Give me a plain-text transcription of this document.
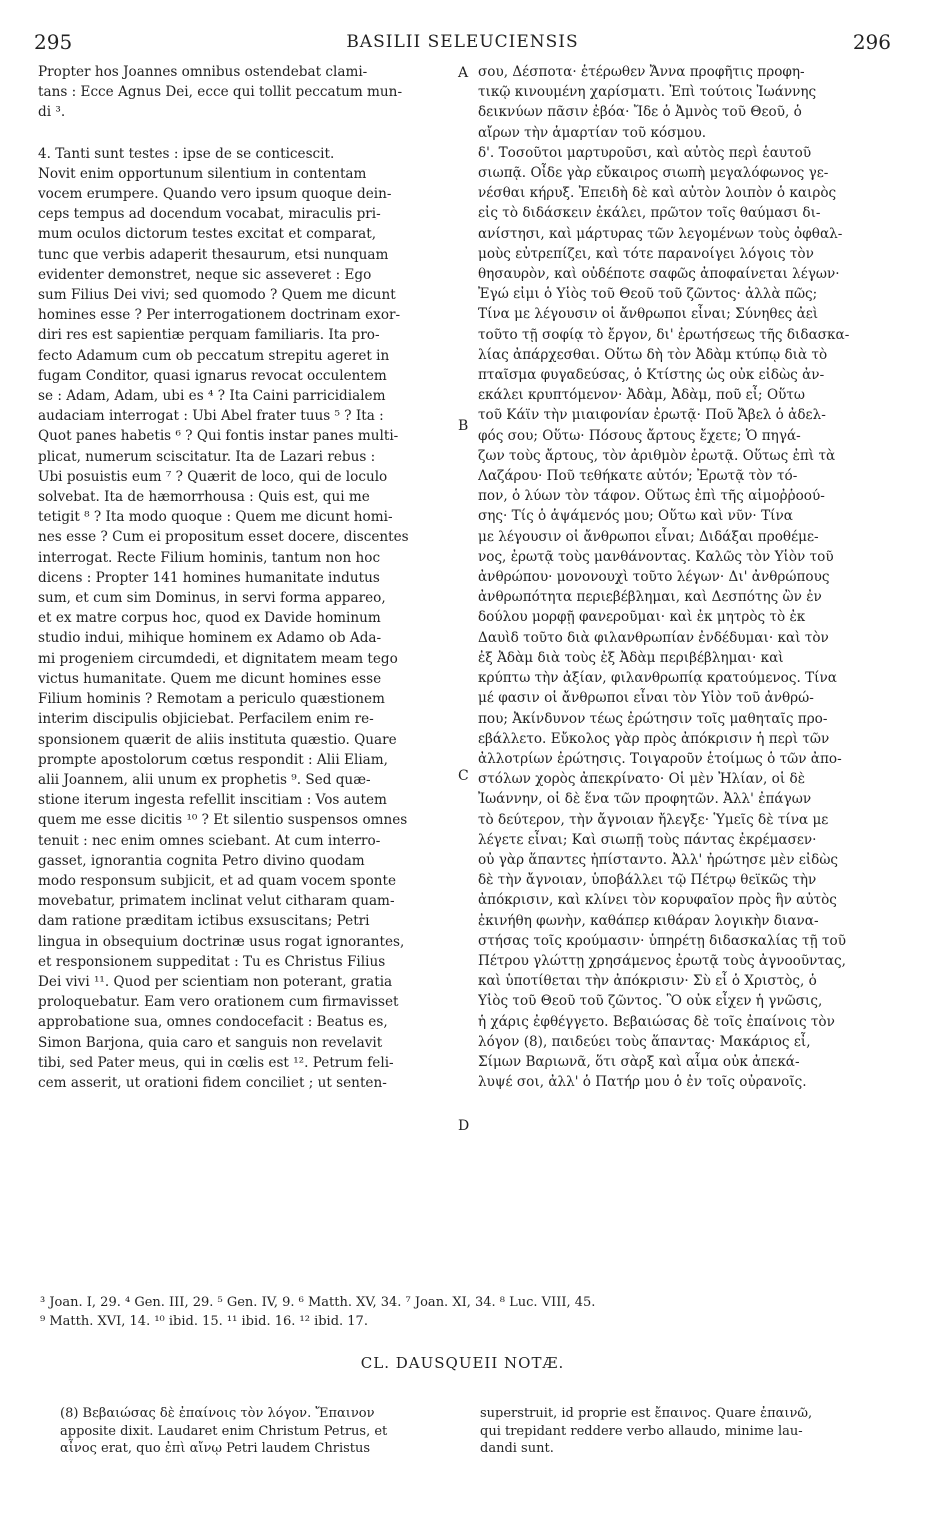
295	BASILII SELEUCIENSIS	296
Propter hos Joannes omnibus ostendebat clami-
tans : Ecce Agnus Dei, ecce qui tollit peccatum mun-
di ³.
4. Tanti sunt testes : ipse de se conticescit.
Novit enim opportunum silentium in contentam
vocem erumpere. Quando vero ipsum quoque dein-
ceps tempus ad docendum vocabat, miraculis pri-
mum oculos dictorum testes excitat et comparat,
tunc que verbis adaperit thesaurum, etsi nunquam
evidenter demonstret, neque sic asseveret : Ego
sum Filius Dei vivi; sed quomodo ? Quem me dicunt
homines esse ? Per interrogationem doctrinam exor-
diri res est sapientiæ perquam familiaris. Ita pro-
fecto Adamum cum ob peccatum strepitu ageret in
fugam Conditor, quasi ignarus revocat occulentem
se : Adam, Adam, ubi es ⁴ ? Ita Caini parricidialem
audaciam interrogat : Ubi Abel frater tuus ⁵ ? Ita :
Quot panes habetis ⁶ ? Qui fontis instar panes multi-
plicat, numerum sciscitatur. Ita de Lazari rebus :
Ubi posuistis eum ⁷ ? Quærit de loco, qui de loculo
solvebat. Ita de hæmorrhousa : Quis est, qui me
tetigit ⁸ ? Ita modo quoque : Quem me dicunt homi-
nes esse ? Cum ei propositum esset docere, discentes
interrogat. Recte Filium hominis, tantum non hoc
dicens : Propter 141 homines humanitate indutus
sum, et cum sim Dominus, in servi forma appareo,
et ex matre corpus hoc, quod ex Davide hominum
studio indui, mihique hominem ex Adamo ob Ada-
mi progeniem circumdedi, et dignitatem meam tego
victus humanitate. Quem me dicunt homines esse
Filium hominis ? Remotam a periculo quæstionem
interim discipulis objiciebat. Perfacilem enim re-
sponsionem quærit de aliis instituta quæstio. Quare
prompte apostolorum cœtus respondit : Alii Eliam,
alii Joannem, alii unum ex prophetis ⁹. Sed quæ-
stione iterum ingesta refellit inscitiam : Vos autem
quem me esse dicitis ¹⁰ ? Et silentio suspensos omnes
tenuit : nec enim omnes sciebant. At cum interro-
gasset, ignorantia cognita Petro divino quodam
modo responsum subjicit, et ad quam vocem sponte
movebatur, primatem inclinat velut citharam quam-
dam ratione præditam ictibus exsuscitans; Petri
lingua in obsequium doctrinæ usus rogat ignorantes,
et responsionem suppeditat : Tu es Christus Filius
Dei vivi ¹¹. Quod per scientiam non poterant, gratia
proloquebatur. Eam vero orationem cum firmavisset
approbatione sua, omnes condocefacit : Beatus es,
Simon Barjona, quia caro et sanguis non revelavit
tibi, sed Pater meus, qui in cœlis est ¹². Petrum feli-
cem asserit, ut orationi fidem conciliet ; ut senten-
σου, Δέσποτα· ἑτέρωθεν Ἄννα προφῆτις προφη-
τικῷ κινουμένη χαρίσματι. Ἐπὶ τούτοις Ἰωάννης
δεικνύων πᾶσιν ἐβόα· Ἴδε ὁ Ἀμνὸς τοῦ Θεοῦ, ὁ
αἴρων τὴν ἁμαρτίαν τοῦ κόσμου.
δ'. Τοσοῦτοι μαρτυροῦσι, καὶ αὐτὸς περὶ ἑαυτοῦ
σιωπᾷ. Οἶδε γὰρ εὔκαιρος σιωπὴ μεγαλόφωνος γε-
νέσθαι κήρυξ. Ἐπειδὴ δὲ καὶ αὐτὸν λοιπὸν ὁ καιρὸς
εἰς τὸ διδάσκειν ἐκάλει, πρῶτον τοῖς θαύμασι δι-
ανίστησι, καὶ μάρτυρας τῶν λεγομένων τοὺς ὀφθαλ-
μοὺς εὐτρεπίζει, καὶ τότε παρανοίγει λόγοις τὸν
θησαυρὸν, καὶ οὐδέποτε σαφῶς ἀποφαίνεται λέγων·
Ἐγώ εἰμι ὁ Υἱὸς τοῦ Θεοῦ τοῦ ζῶντος· ἀλλὰ πῶς;
Τίνα με λέγουσιν οἱ ἄνθρωποι εἶναι; Σύνηθες ἀεὶ
τοῦτο τῇ σοφίᾳ τὸ ἔργον, δι' ἐρωτήσεως τῆς διδασκα-
λίας ἀπάρχεσθαι. Οὕτω δὴ τὸν Ἀδὰμ κτύπῳ διὰ τὸ
πταῖσμα φυγαδεύσας, ὁ Κτίστης ὡς οὐκ εἰδὼς ἀν-
εκάλει κρυπτόμενον· Ἀδὰμ, Ἀδὰμ, ποῦ εἶ; Οὕτω
τοῦ Κάϊν τὴν μιαιφονίαν ἐρωτᾷ· Ποῦ Ἄβελ ὁ ἀδελ-
φός σου; Οὕτω· Πόσους ἄρτους ἔχετε; Ὁ πηγά-
ζων τοὺς ἄρτους, τὸν ἀριθμὸν ἐρωτᾷ. Οὕτως ἐπὶ τὰ
Λαζάρου· Ποῦ τεθήκατε αὐτόν; Ἐρωτᾷ τὸν τό-
πον, ὁ λύων τὸν τάφον. Οὕτως ἐπὶ τῆς αἱμοῤῥοού-
σης· Τίς ὁ ἁψάμενός μου; Οὕτω καὶ νῦν· Τίνα
με λέγουσιν οἱ ἄνθρωποι εἶναι; Διδάξαι προθέμε-
νος, ἐρωτᾷ τοὺς μανθάνοντας. Καλῶς τὸν Υἱὸν τοῦ
ἀνθρώπου· μονονουχὶ τοῦτο λέγων· Δι' ἀνθρώπους
ἀνθρωπότητα περιεβέβλημαι, καὶ Δεσπότης ὢν ἐν
δούλου μορφῇ φανεροῦμαι· καὶ ἐκ μητρὸς τὸ ἐκ
Δαυὶδ τοῦτο διὰ φιλανθρωπίαν ἐνδέδυμαι· καὶ τὸν
ἐξ Ἀδὰμ διὰ τοὺς ἐξ Ἀδὰμ περιβέβλημαι· καὶ
κρύπτω τὴν ἀξίαν, φιλανθρωπίᾳ κρατούμενος. Τίνα
μέ φασιν οἱ ἄνθρωποι εἶναι τὸν Υἱὸν τοῦ ἀνθρώ-
που; Ἀκίνδυνον τέως ἐρώτησιν τοῖς μαθηταῖς προ-
εβάλλετο. Εὔκολος γὰρ πρὸς ἀπόκρισιν ἡ περὶ τῶν
ἀλλοτρίων ἐρώτησις. Τοιγαροῦν ἑτοίμως ὁ τῶν ἀπο-
στόλων χορὸς ἀπεκρίνατο· Οἱ μὲν Ἠλίαν, οἱ δὲ
Ἰωάννην, οἱ δὲ ἕνα τῶν προφητῶν. Ἀλλ' ἐπάγων
τὸ δεύτερον, τὴν ἄγνοιαν ἤλεγξε· Ὑμεῖς δὲ τίνα με
λέγετε εἶναι; Καὶ σιωπῇ τοὺς πάντας ἐκρέμασεν·
οὐ γὰρ ἅπαντες ἠπίσταντο. Ἀλλ' ἠρώτησε μὲν εἰδὼς
δὲ τὴν ἄγνοιαν, ὑποβάλλει τῷ Πέτρῳ θεϊκῶς τὴν
ἀπόκρισιν, καὶ κλίνει τὸν κορυφαῖον πρὸς ἣν αὐτὸς
ἐκινήθη φωνὴν, καθάπερ κιθάραν λογικὴν διανα-
στήσας τοῖς κρούμασιν· ὑπηρέτῃ διδασκαλίας τῇ τοῦ
Πέτρου γλώττῃ χρησάμενος ἐρωτᾷ τοὺς ἀγνοοῦντας,
καὶ ὑποτίθεται τὴν ἀπόκρισιν· Σὺ εἶ ὁ Χριστὸς, ὁ
Υἱὸς τοῦ Θεοῦ τοῦ ζῶντος. Ὃ οὐκ εἶχεν ἡ γνῶσις,
ἡ χάρις ἐφθέγγετο. Βεβαιώσας δὲ τοῖς ἐπαίνοις τὸν
λόγον (8), παιδεύει τοὺς ἅπαντας· Μακάριος εἶ,
Σίμων Βαριωνᾶ, ὅτι σὰρξ καὶ αἷμα οὐκ ἀπεκά-
λυψέ σοι, ἀλλ' ὁ Πατήρ μου ὁ ἐν τοῖς οὐρανοῖς.
A
B
C
D
³ Joan. I, 29. ⁴ Gen. III, 29. ⁵ Gen. IV, 9. ⁶ Matth. XV, 34. ⁷ Joan. XI, 34. ⁸ Luc. VIII, 45.
⁹ Matth. XVI, 14. ¹⁰ ibid. 15. ¹¹ ibid. 16. ¹² ibid. 17.
CL. DAUSQUEII NOTÆ.
(8) Βεβαιώσας δὲ ἐπαίνοις τὸν λόγον. Ἔπαινον
apposite dixit. Laudaret enim Christum Petrus, et
αἶνος erat, quo ἐπὶ αἴνῳ Petri laudem Christus
superstruit, id proprie est ἔπαινος. Quare ἐπαινῶ,
qui trepidant reddere verbo allaudo, minime lau-
dandi sunt.
